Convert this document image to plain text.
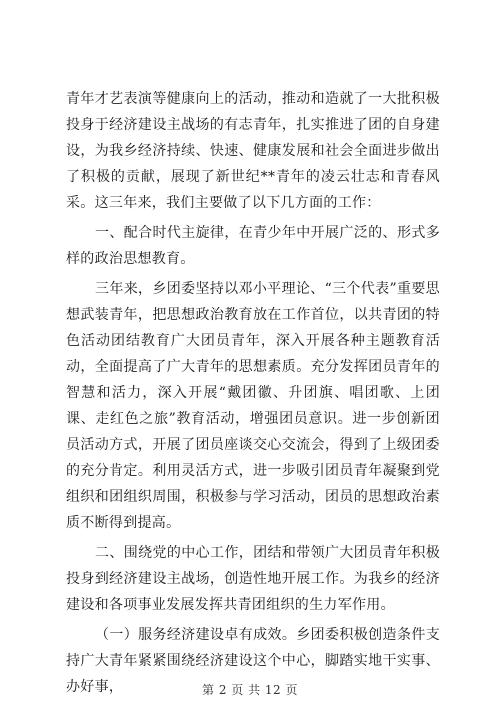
青年才艺表演等健康向上的活动，推动和造就了一大批积极投身于经济建设主战场的有志青年，扎实推进了团的自身建设，为我乡经济持续、快速、健康发展和社会全面进步做出了积极的贡献，展现了新世纪**青年的凌云壮志和青春风采。这三年来，我们主要做了以下几方面的工作：

一、配合时代主旋律，在青少年中开展广泛的、形式多样的政治思想教育。

三年来，乡团委坚持以邓小平理论、“三个代表”重要思想武装青年，把思想政治教育放在工作首位，以共青团的特色活动团结教育广大团员青年，深入开展各种主题教育活动，全面提高了广大青年的思想素质。充分发挥团员青年的智慧和活力，深入开展“戴团徽、升团旗、唱团歌、上团课、走红色之旅”教育活动，增强团员意识。进一步创新团员活动方式，开展了团员座谈交心交流会，得到了上级团委的充分肯定。利用灵活方式，进一步吸引团员青年凝聚到党组织和团组织周围，积极参与学习活动，团员的思想政治素质不断得到提高。

二、围绕党的中心工作，团结和带领广大团员青年积极投身到经济建设主战场，创造性地开展工作。为我乡的经济建设和各项事业发展发挥共青团组织的生力军作用。

（一）服务经济建设卓有成效。乡团委积极创造条件支持广大青年紧紧围绕经济建设这个中心，脚踏实地干实事、办好事，	第 2 页 共 12 页
